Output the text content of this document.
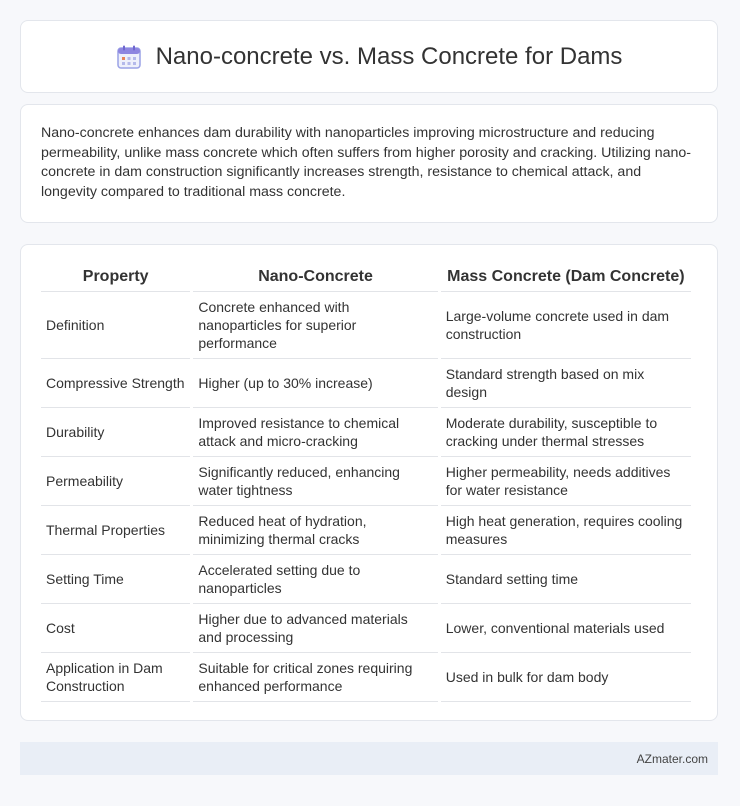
Nano-concrete vs. Mass Concrete for Dams

Nano-concrete enhances dam durability with nanoparticles improving microstructure and reducing permeability, unlike mass concrete which often suffers from higher porosity and cracking. Utilizing nano-concrete in dam construction significantly increases strength, resistance to chemical attack, and longevity compared to traditional mass concrete.

Property	Nano-Concrete	Mass Concrete (Dam Concrete)
Definition	Concrete enhanced with nanoparticles for superior performance	Large-volume concrete used in dam construction
Compressive Strength	Higher (up to 30% increase)	Standard strength based on mix design
Durability	Improved resistance to chemical attack and micro-cracking	Moderate durability, susceptible to cracking under thermal stresses
Permeability	Significantly reduced, enhancing water tightness	Higher permeability, needs additives for water resistance
Thermal Properties	Reduced heat of hydration, minimizing thermal cracks	High heat generation, requires cooling measures
Setting Time	Accelerated setting due to nanoparticles	Standard setting time
Cost	Higher due to advanced materials and processing	Lower, conventional materials used
Application in Dam Construction	Suitable for critical zones requiring enhanced performance	Used in bulk for dam body
AZmater.com
